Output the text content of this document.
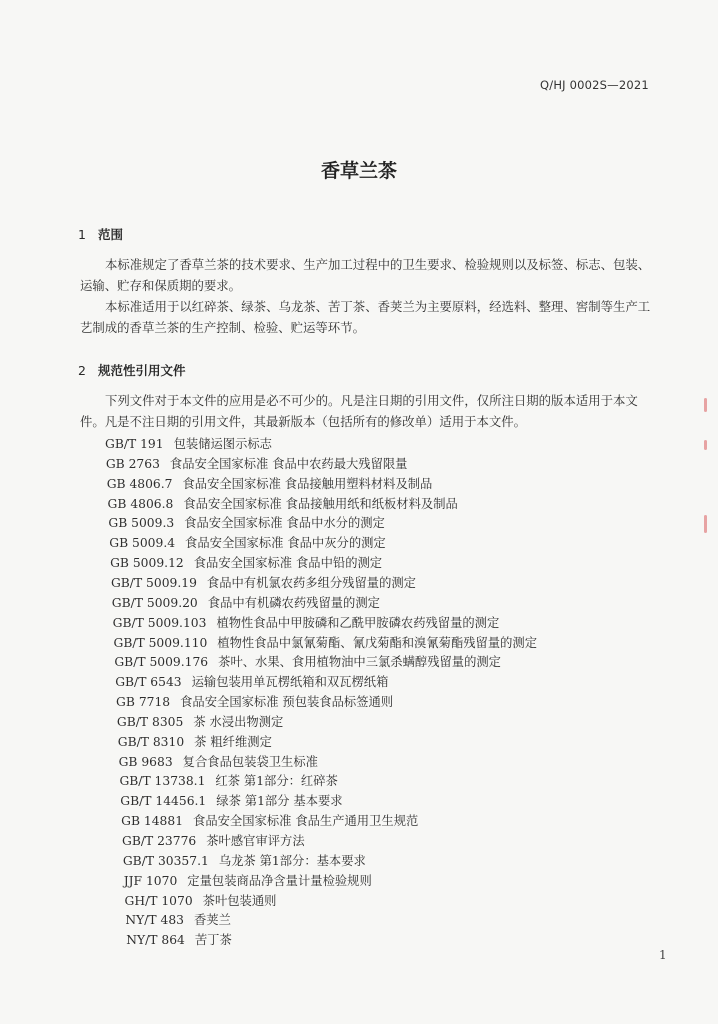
Q/HJ 0002S—2021
香草兰茶
1 范围
本标准规定了香草兰茶的技术要求、生产加工过程中的卫生要求、检验规则以及标签、标志、包装、运输、贮存和保质期的要求。
本标准适用于以红碎茶、绿茶、乌龙茶、苦丁茶、香荚兰为主要原料，经选料、整理、窖制等生产工艺制成的香草兰茶的生产控制、检验、贮运等环节。
2 规范性引用文件
下列文件对于本文件的应用是必不可少的。凡是注日期的引用文件，仅所注日期的版本适用于本文件。凡是不注日期的引用文件，其最新版本（包括所有的修改单）适用于本文件。
GB/T 191 包装储运图示标志
GB 2763 食品安全国家标准 食品中农药最大残留限量
GB 4806.7 食品安全国家标准 食品接触用塑料材料及制品
GB 4806.8 食品安全国家标准 食品接触用纸和纸板材料及制品
GB 5009.3 食品安全国家标准 食品中水分的测定
GB 5009.4 食品安全国家标准 食品中灰分的测定
GB 5009.12 食品安全国家标准 食品中铅的测定
GB/T 5009.19 食品中有机氯农药多组分残留量的测定
GB/T 5009.20 食品中有机磷农药残留量的测定
GB/T 5009.103 植物性食品中甲胺磷和乙酰甲胺磷农药残留量的测定
GB/T 5009.110 植物性食品中氯氰菊酯、氰戊菊酯和溴氰菊酯残留量的测定
GB/T 5009.176 茶叶、水果、食用植物油中三氯杀螨醇残留量的测定
GB/T 6543 运输包装用单瓦楞纸箱和双瓦楞纸箱
GB 7718 食品安全国家标准 预包装食品标签通则
GB/T 8305 茶 水浸出物测定
GB/T 8310 茶 粗纤维测定
GB 9683 复合食品包装袋卫生标准
GB/T 13738.1 红茶 第1部分：红碎茶
GB/T 14456.1 绿茶 第1部分 基本要求
GB 14881 食品安全国家标准 食品生产通用卫生规范
GB/T 23776 茶叶感官审评方法
GB/T 30357.1 乌龙茶 第1部分：基本要求
JJF 1070 定量包装商品净含量计量检验规则
GH/T 1070 茶叶包装通则
NY/T 483 香荚兰
NY/T 864 苦丁茶
1
